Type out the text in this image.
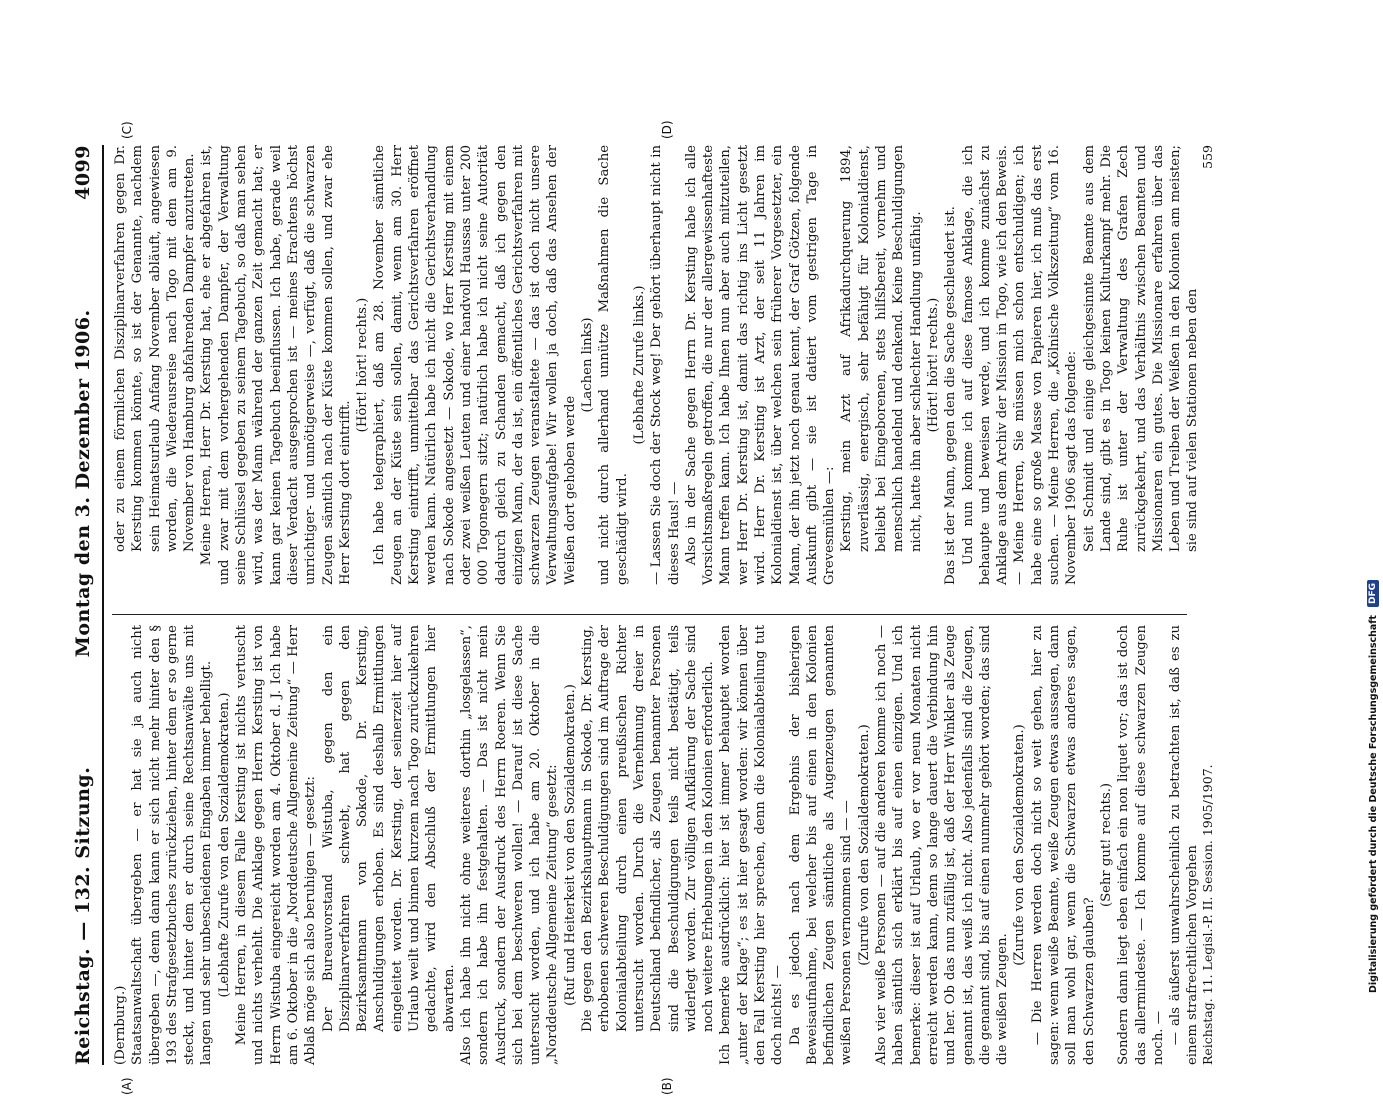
Reichstag. — 132. Sitzung.
Montag den 3. Dezember 1906.
4099
(A)	(B)
(C)	(D)

(Dernburg.) Staatsanwaltschaft übergeben — er hat sie ja auch nicht übergeben —, denn dann kann er sich nicht mehr hinter den § 193 des Strafgesetzbuches zurückziehen, hinter dem er so gerne steckt, und hinter dem er durch seine Rechtsanwälte uns mit langen und sehr unbescheidenen Eingaben immer behelligt. (Lebhafte Zurufe von den Sozialdemokraten.) Meine Herren, in diesem Falle Kersting ist nichts vertuscht und nichts verhehlt. Die Anklage gegen Herrn Kersting ist von Herrn Wistuba eingereicht worden am 4. Oktober d. J. Ich habe am 6. Oktober in die „Norddeutsche Allgemeine Zeitung“ — Herr Ablaß möge sich also beruhigen — gesetzt: Der Bureauvorstand Wistuba, gegen den ein Disziplinarverfahren schwebt, hat gegen den Bezirksamtmann von Sokode, Dr. Kersting, Anschuldigungen erhoben. Es sind deshalb Ermittlungen eingeleitet worden. Dr. Kersting, der seinerzeit hier auf Urlaub weilt und binnen kurzem nach Togo zurückzukehren gedachte, wird den Abschluß der Ermittlungen hier abwarten. Also ich habe ihn nicht ohne weiteres dorthin „losgelassen“, sondern ich habe ihn festgehalten. — Das ist nicht mein Ausdruck, sondern der Ausdruck des Herrn Roeren. Wenn Sie sich bei dem beschweren wollen! — Darauf ist diese Sache untersucht worden, und ich habe am 20. Oktober in die „Norddeutsche Allgemeine Zeitung“ gesetzt: (Ruf und Heiterkeit von den Sozialdemokraten.) Die gegen den Bezirkshauptmann in Sokode, Dr. Kersting, erhobenen schweren Beschuldigungen sind im Auftrage der Kolonialabteilung durch einen preußischen Richter untersucht worden. Durch die Vernehmung dreier in Deutschland befindlicher, als Zeugen benannter Personen sind die Beschuldigungen teils nicht bestätigt, teils widerlegt worden. Zur völligen Aufklärung der Sache sind noch weitere Erhebungen in den Kolonien erforderlich. Ich bemerke ausdrücklich: hier ist immer behauptet worden „unter der Klage“; es ist hier gesagt worden: wir können über den Fall Kersting hier sprechen, denn die Kolonialabteilung tut doch nichts! — Da es jedoch nach dem Ergebnis der bisherigen Beweisaufnahme, bei welcher bis auf einen in den Kolonien befindlichen Zeugen sämtliche als Augenzeugen genannten weißen Personen vernommen sind — — (Zurufe von den Sozialdemokraten.) Also vier weiße Personen — auf die anderen komme ich noch — haben sämtlich sich erklärt bis auf einen einzigen. Und ich bemerke: dieser ist auf Urlaub, wo er vor neun Monaten nicht erreicht werden kann, denn so lange dauert die Verbindung hin und her. Ob das nun zufällig ist, daß der Herr Winkler als Zeuge genannt ist, das weiß ich nicht. Also jedenfalls sind die Zeugen, die genannt sind, bis auf einen nunmehr gehört worden; das sind die weißen Zeugen.

(Zurufe von den Sozialdemokraten.) — Die Herren werden doch nicht so weit gehen, hier zu sagen: wenn weiße Beamte, weiße Zeugen etwas aussagen, dann soll man wohl gar, wenn die Schwarzen etwas anderes sagen, den Schwarzen glauben?

(Sehr gut! rechts.) Sondern dann liegt eben einfach ein non liquet vor; das ist doch das allermindeste. — Ich komme auf diese schwarzen Zeugen noch. — — als äußerst unwahrscheinlich zu betrachten ist, daß es zu einem strafrechtlichen Vorgehen

oder zu einem förmlichen Disziplinarverfahren gegen Dr. Kersting kommen könnte, so ist der Genannte, nachdem sein Heimatsurlaub Anfang November abläuft, angewiesen worden, die Wiederausreise nach Togo mit dem am 9. November von Hamburg abfahrenden Dampfer anzutreten. Meine Herren, Herr Dr. Kersting hat, ehe er abgefahren ist, und zwar mit dem vorhergehenden Dampfer, der Verwaltung seine Schlüssel gegeben zu seinem Tagebuch, so daß man sehen wird, was der Mann während der ganzen Zeit gemacht hat; er kann gar keinen Tagebuch beeinflussen. Ich habe, gerade weil dieser Verdacht ausgesprochen ist — meines Erachtens höchst unrichtiger- und unnötigerweise —, verfügt, daß die schwarzen Zeugen sämtlich nach der Küste kommen sollen, und zwar ehe Herr Kersting dort eintrifft.

(Hört! hört! rechts.) Ich habe telegraphiert, daß am 28. November sämtliche Zeugen an der Küste sein sollen, damit, wenn am 30. Herr Kersting eintrifft, unmittelbar das Gerichtsverfahren eröffnet werden kann. Natürlich habe ich nicht die Gerichtsverhandlung nach Sokode angesetzt — Sokode, wo Herr Kersting mit einem oder zwei weißen Leuten und einer handvoll Haussas unter 200 000 Togonegern sitzt; natürlich habe ich nicht seine Autorität dadurch gleich zu Schanden gemacht, daß ich gegen den einzigen Mann, der da ist, ein öffentliches Gerichtsverfahren mit schwarzen Zeugen veranstaltete — das ist doch nicht unsere Verwaltungsaufgabe! Wir wollen ja doch, daß das Ansehen der Weißen dort gehoben werde

(Lachen links) und nicht durch allerhand unnütze Maßnahmen die Sache geschädigt wird.

(Lebhafte Zurufe links.) — Lassen Sie doch der Stock weg! Der gehört überhaupt nicht in dieses Haus! — Also in der Sache gegen Herrn Dr. Kersting habe ich alle Vorsichtsmaßregeln getroffen, die nur der allergewissenhafteste Mann treffen kann. Ich habe Ihnen nun aber auch mitzuteilen, wer Herr Dr. Kersting ist, damit das richtig ins Licht gesetzt wird. Herr Dr. Kersting ist Arzt, der seit 11 Jahren im Kolonialdienst ist, über welchen sein früherer Vorgesetzter, ein Mann, der ihn jetzt noch genau kennt, der Graf Götzen, folgende Auskunft gibt — sie ist datiert vom gestrigen Tage in Grevesmühlen —: Kersting, mein Arzt auf Afrikadurchquerung 1894, zuverlässig, energisch, sehr befähigt für Kolonialdienst, beliebt bei Eingeborenen, stets hilfsbereit, vornehm und menschlich handelnd und denkend. Keine Beschuldigungen nicht, hatte ihn aber schlechter Handlung unfähig. (Hört! hört! rechts.) Das ist der Mann, gegen den die Sache geschleudert ist. Und nun komme ich auf diese famose Anklage, die ich behaupte und beweisen werde, und ich komme zunächst zu Anklage aus dem Archiv der Mission in Togo, wie ich den Beweis. — Meine Herren, Sie müssen mich schon entschuldigen; ich habe eine so große Masse von Papieren hier, ich muß das erst suchen. — Meine Herren, die „Kölnische Volkszeitung“ vom 16. November 1906 sagt das folgende: Seit Schmidt und einige gleichgesinnte Beamte aus dem Lande sind, gibt es in Togo keinen Kulturkampf mehr. Die Ruhe ist unter der Verwaltung des Grafen Zech zurückgekehrt, und das Verhältnis zwischen Beamten und Missionaren ein gutes. Die Missionare erfahren über das Leben und Treiben der Weißen in den Kolonien am meisten; sie sind auf vielen Stationen neben den

Reichstag. 11. Legisl.-P. II. Session. 1905/1907.
559
Digitalisierung gefördert durch die Deutsche Forschungsgemeinschaft
DFG
